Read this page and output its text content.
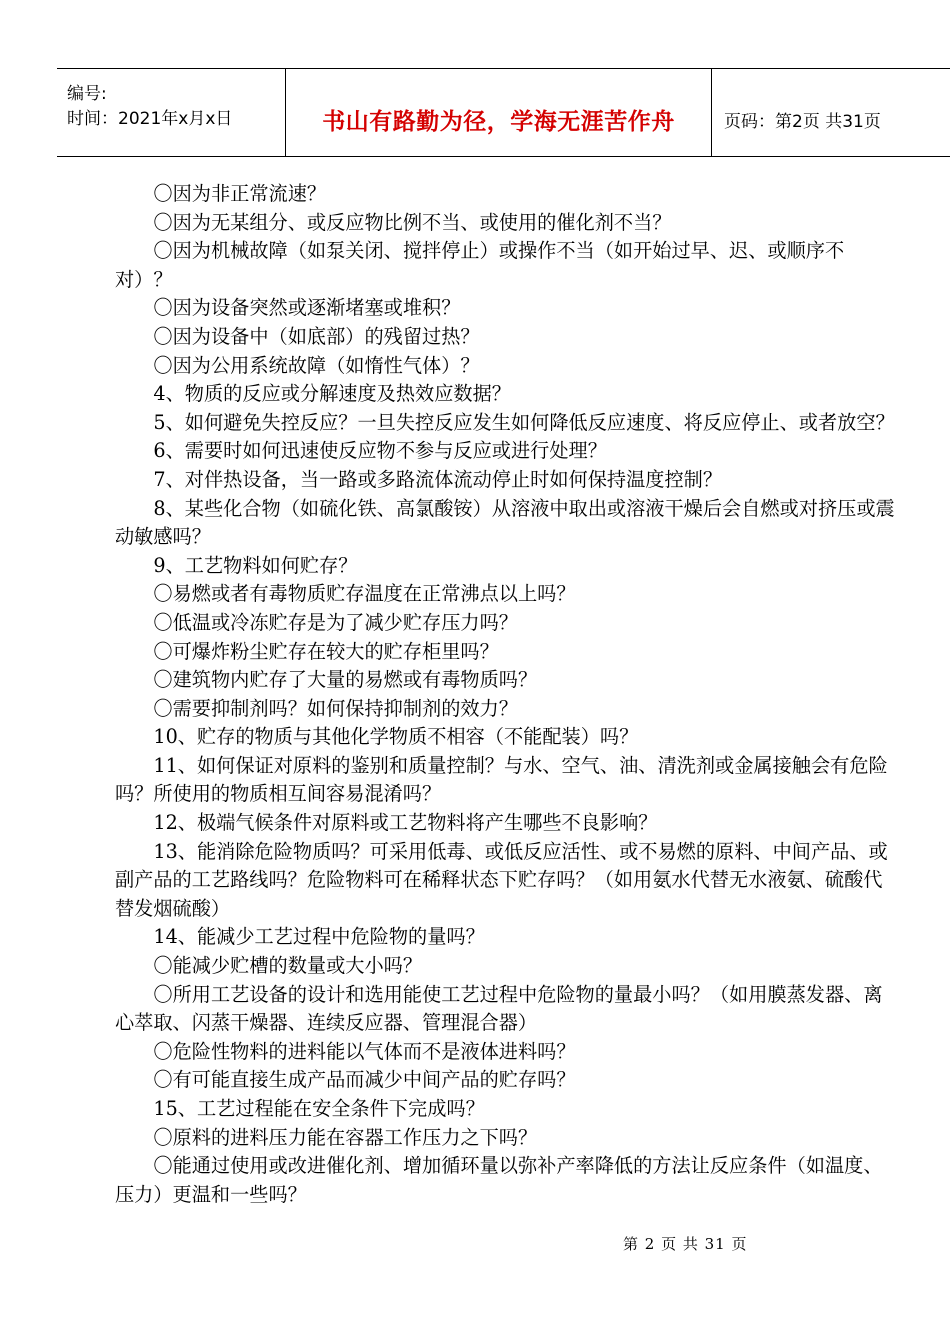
编号:
时间：2021年x月x日	书山有路勤为径，学海无涯苦作舟	页码：第2页 共31页

〇因为非正常流速？

〇因为无某组分、或反应物比例不当、或使用的催化剂不当？

〇因为机械故障（如泵关闭、搅拌停止）或操作不当（如开始过早、迟、或顺序不对）？

〇因为设备突然或逐渐堵塞或堆积？

〇因为设备中（如底部）的残留过热？

〇因为公用系统故障（如惰性气体）？

4、物质的反应或分解速度及热效应数据？

5、如何避免失控反应？一旦失控反应发生如何降低反应速度、将反应停止、或者放空？

6、需要时如何迅速使反应物不参与反应或进行处理？

7、对伴热设备，当一路或多路流体流动停止时如何保持温度控制？

8、某些化合物（如硫化铁、高氯酸铵）从溶液中取出或溶液干燥后会自燃或对挤压或震动敏感吗？

9、工艺物料如何贮存？

〇易燃或者有毒物质贮存温度在正常沸点以上吗？

〇低温或冷冻贮存是为了减少贮存压力吗？

〇可爆炸粉尘贮存在较大的贮存柜里吗？

〇建筑物内贮存了大量的易燃或有毒物质吗？

〇需要抑制剂吗？如何保持抑制剂的效力？

10、贮存的物质与其他化学物质不相容（不能配装）吗？

11、如何保证对原料的鉴别和质量控制？与水、空气、油、清洗剂或金属接触会有危险吗？所使用的物质相互间容易混淆吗？

12、极端气候条件对原料或工艺物料将产生哪些不良影响？

13、能消除危险物质吗？可采用低毒、或低反应活性、或不易燃的原料、中间产品、或副产品的工艺路线吗？危险物料可在稀释状态下贮存吗？（如用氨水代替无水液氨、硫酸代替发烟硫酸）

14、能减少工艺过程中危险物的量吗？

〇能减少贮槽的数量或大小吗？

〇所用工艺设备的设计和选用能使工艺过程中危险物的量最小吗？（如用膜蒸发器、离心萃取、闪蒸干燥器、连续反应器、管理混合器）

〇危险性物料的进料能以气体而不是液体进料吗？

〇有可能直接生成产品而减少中间产品的贮存吗？

15、工艺过程能在安全条件下完成吗？

〇原料的进料压力能在容器工作压力之下吗？

〇能通过使用或改进催化剂、增加循环量以弥补产率降低的方法让反应条件（如温度、压力）更温和一些吗？

第 2 页 共 31 页
